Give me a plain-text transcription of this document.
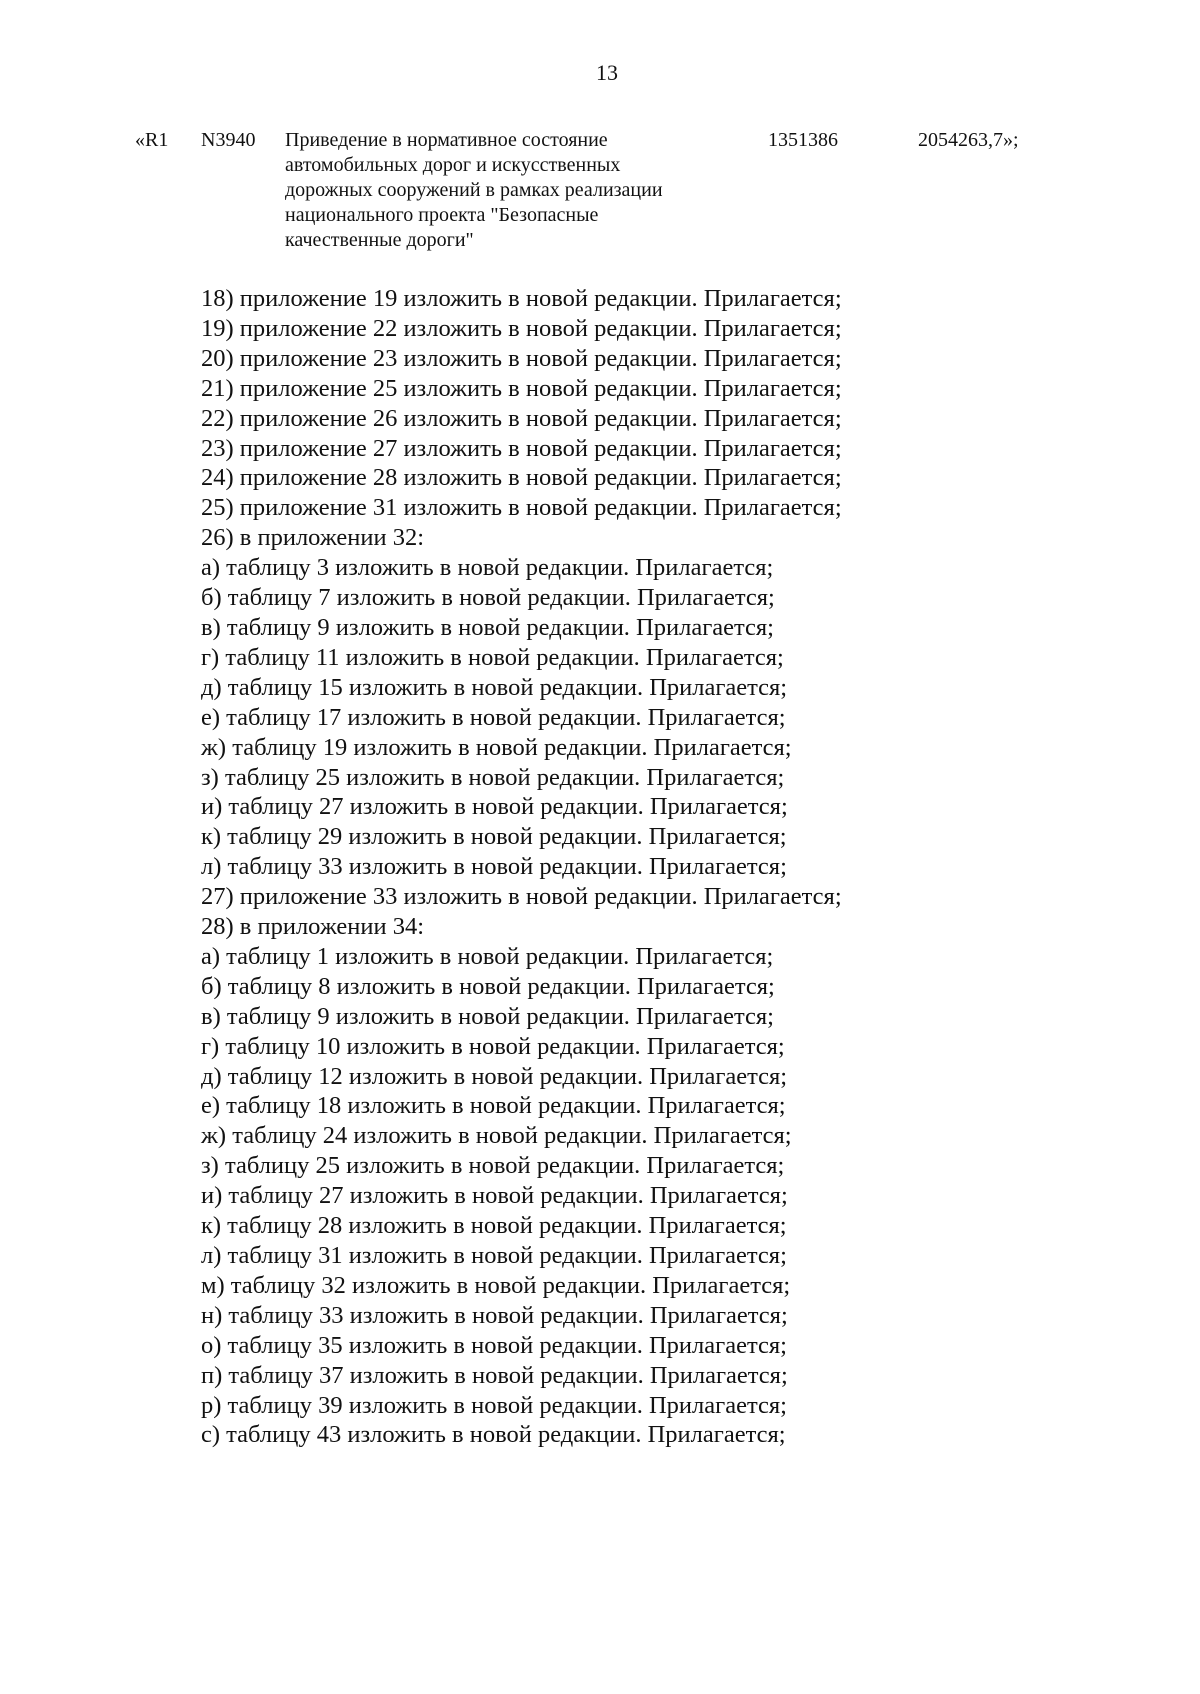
13
«R1 N3940 Приведение в нормативное состояние
автомобильных дорог и искусственных
дорожных сооружений в рамках реализации
национального проекта "Безопасные
качественные дороги"
1351386	2054263,7»;
18) приложение 19 изложить в новой редакции. Прилагается;
19) приложение 22 изложить в новой редакции. Прилагается;
20) приложение 23 изложить в новой редакции. Прилагается;
21) приложение 25 изложить в новой редакции. Прилагается;
22) приложение 26 изложить в новой редакции. Прилагается;
23) приложение 27 изложить в новой редакции. Прилагается;
24) приложение 28 изложить в новой редакции. Прилагается;
25) приложение 31 изложить в новой редакции. Прилагается;
26) в приложении 32:
а) таблицу 3 изложить в новой редакции. Прилагается;
б) таблицу 7 изложить в новой редакции. Прилагается;
в) таблицу 9 изложить в новой редакции. Прилагается;
г) таблицу 11 изложить в новой редакции. Прилагается;
д) таблицу 15 изложить в новой редакции. Прилагается;
е) таблицу 17 изложить в новой редакции. Прилагается;
ж) таблицу 19 изложить в новой редакции. Прилагается;
з) таблицу 25 изложить в новой редакции. Прилагается;
и) таблицу 27 изложить в новой редакции. Прилагается;
к) таблицу 29 изложить в новой редакции. Прилагается;
л) таблицу 33 изложить в новой редакции. Прилагается;
27) приложение 33 изложить в новой редакции. Прилагается;
28) в приложении 34:
а) таблицу 1 изложить в новой редакции. Прилагается;
б) таблицу 8 изложить в новой редакции. Прилагается;
в) таблицу 9 изложить в новой редакции. Прилагается;
г) таблицу 10 изложить в новой редакции. Прилагается;
д) таблицу 12 изложить в новой редакции. Прилагается;
е) таблицу 18 изложить в новой редакции. Прилагается;
ж) таблицу 24 изложить в новой редакции. Прилагается;
з) таблицу 25 изложить в новой редакции. Прилагается;
и) таблицу 27 изложить в новой редакции. Прилагается;
к) таблицу 28 изложить в новой редакции. Прилагается;
л) таблицу 31 изложить в новой редакции. Прилагается;
м) таблицу 32 изложить в новой редакции. Прилагается;
н) таблицу 33 изложить в новой редакции. Прилагается;
о) таблицу 35 изложить в новой редакции. Прилагается;
п) таблицу 37 изложить в новой редакции. Прилагается;
р) таблицу 39 изложить в новой редакции. Прилагается;
с) таблицу 43 изложить в новой редакции. Прилагается;
